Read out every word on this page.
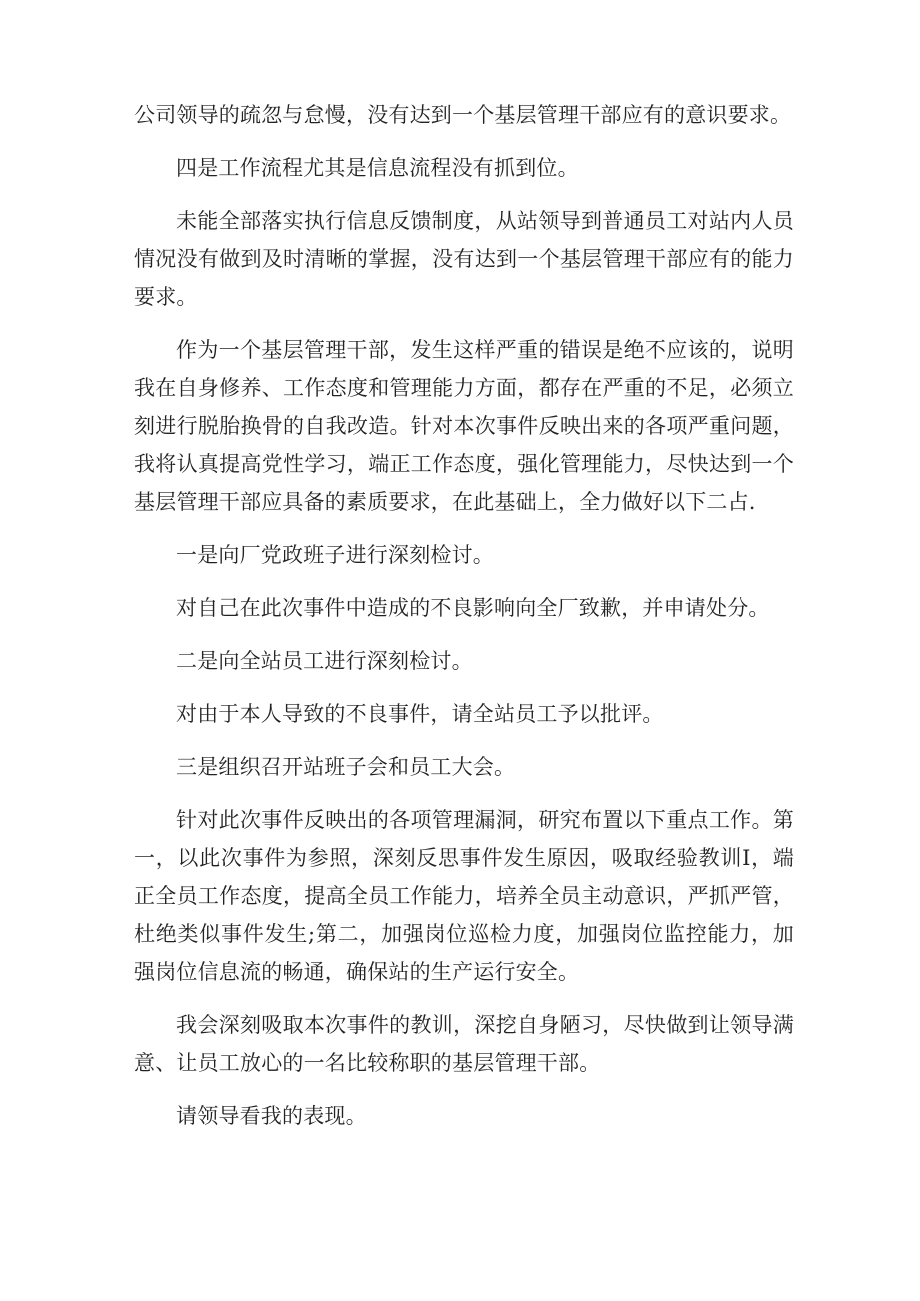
公司领导的疏忽与怠慢，没有达到一个基层管理干部应有的意识要求。

四是工作流程尤其是信息流程没有抓到位。

未能全部落实执行信息反馈制度，从站领导到普通员工对站内人员情况没有做到及时清晰的掌握，没有达到一个基层管理干部应有的能力要求。

作为一个基层管理干部，发生这样严重的错误是绝不应该的，说明我在自身修养、工作态度和管理能力方面，都存在严重的不足，必须立刻进行脱胎换骨的自我改造。针对本次事件反映出来的各项严重问题，我将认真提高党性学习，端正工作态度，强化管理能力，尽快达到一个基层管理干部应具备的素质要求，在此基础上，全力做好以下二占.

一是向厂党政班子进行深刻检讨。

对自己在此次事件中造成的不良影响向全厂致歉，并申请处分。

二是向全站员工进行深刻检讨。

对由于本人导致的不良事件，请全站员工予以批评。

三是组织召开站班子会和员工大会。

针对此次事件反映出的各项管理漏洞，研究布置以下重点工作。第一，以此次事件为参照，深刻反思事件发生原因，吸取经验教训I，端正全员工作态度，提高全员工作能力，培养全员主动意识，严抓严管，杜绝类似事件发生;第二，加强岗位巡检力度，加强岗位监控能力，加强岗位信息流的畅通，确保站的生产运行安全。

我会深刻吸取本次事件的教训，深挖自身陋习，尽快做到让领导满意、让员工放心的一名比较称职的基层管理干部。

请领导看我的表现。
